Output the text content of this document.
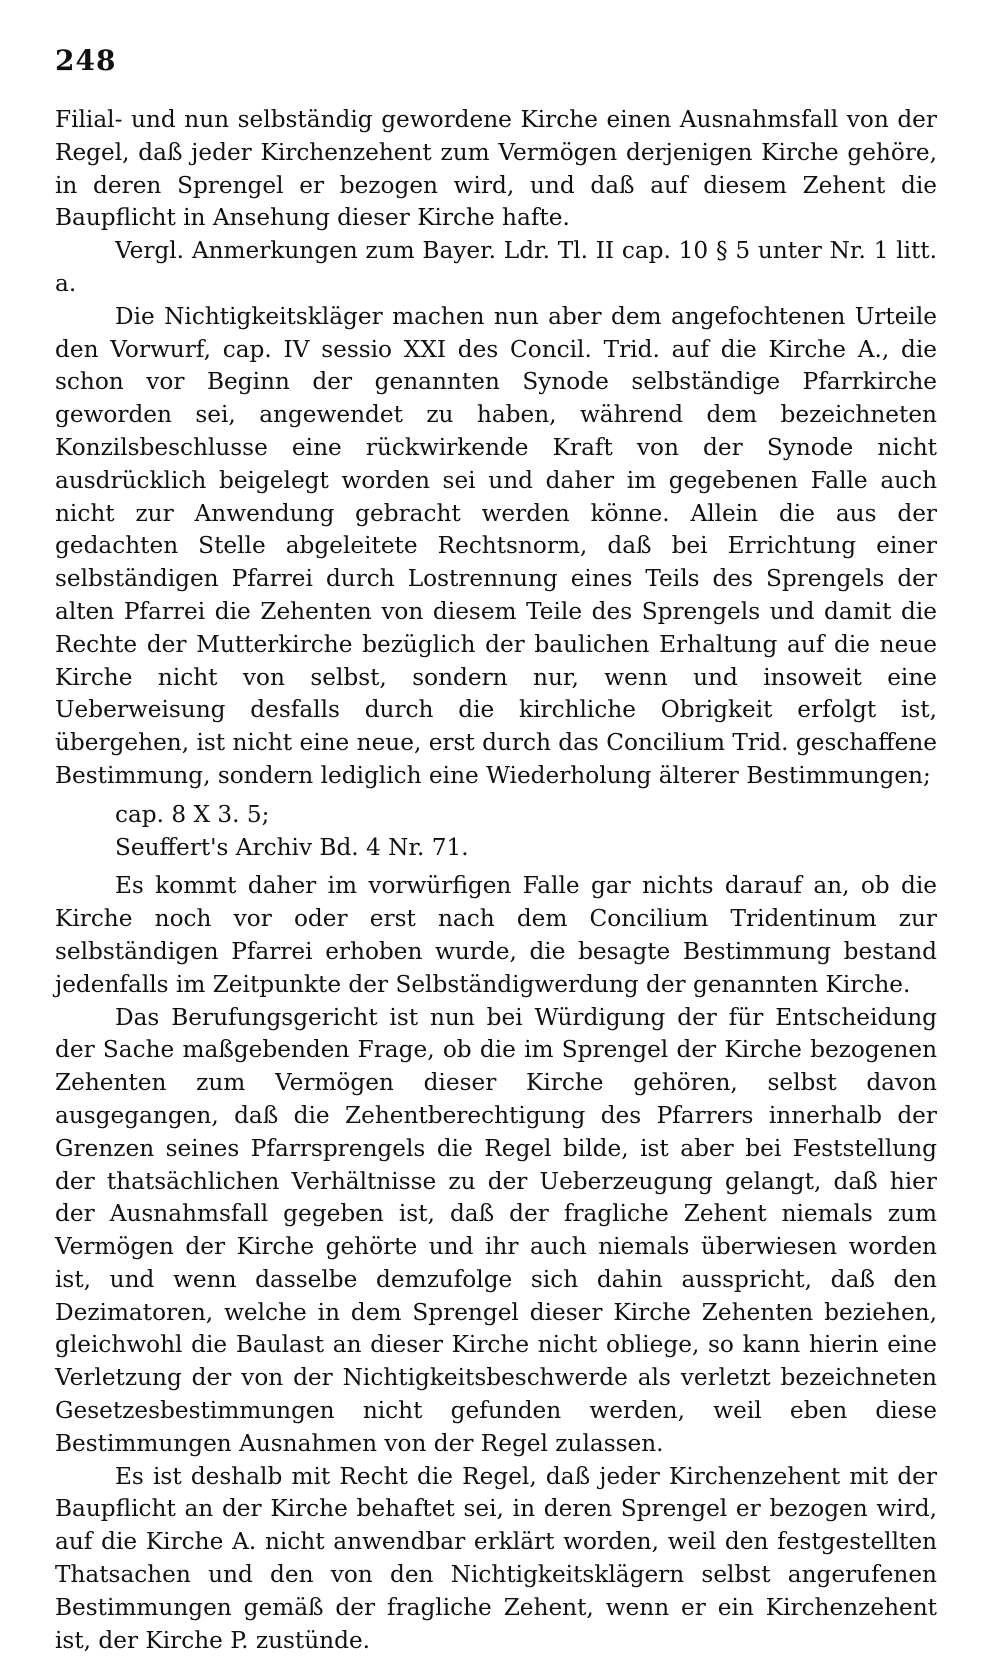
248

Filial- und nun selbständig gewordene Kirche einen Ausnahmsfall von der Regel, daß jeder Kirchenzehent zum Vermögen derjenigen Kirche gehöre, in deren Sprengel er bezogen wird, und daß auf diesem Zehent die Baupflicht in Ansehung dieser Kirche hafte.

Vergl. Anmerkungen zum Bayer. Ldr. Tl. II cap. 10 § 5 unter Nr. 1 litt. a.

Die Nichtigkeitskläger machen nun aber dem angefochtenen Urteile den Vorwurf, cap. IV sessio XXI des Concil. Trid. auf die Kirche A., die schon vor Beginn der genannten Synode selbständige Pfarrkirche geworden sei, angewendet zu haben, während dem bezeichneten Konzilsbeschlusse eine rückwirkende Kraft von der Synode nicht ausdrücklich beigelegt worden sei und daher im gegebenen Falle auch nicht zur Anwendung gebracht werden könne. Allein die aus der gedachten Stelle abgeleitete Rechtsnorm, daß bei Errichtung einer selbständigen Pfarrei durch Lostrennung eines Teils des Sprengels der alten Pfarrei die Zehenten von diesem Teile des Sprengels und damit die Rechte der Mutterkirche bezüglich der baulichen Erhaltung auf die neue Kirche nicht von selbst, sondern nur, wenn und insoweit eine Ueberweisung desfalls durch die kirchliche Obrigkeit erfolgt ist, übergehen, ist nicht eine neue, erst durch das Concilium Trid. geschaffene Bestimmung, sondern lediglich eine Wiederholung älterer Bestimmungen;

cap. 8 X 3. 5;

Seuffert's Archiv Bd. 4 Nr. 71.

Es kommt daher im vorwürfigen Falle gar nichts darauf an, ob die Kirche noch vor oder erst nach dem Concilium Tridentinum zur selbständigen Pfarrei erhoben wurde, die besagte Bestimmung bestand jedenfalls im Zeitpunkte der Selbständigwerdung der genannten Kirche.

Das Berufungsgericht ist nun bei Würdigung der für Entscheidung der Sache maßgebenden Frage, ob die im Sprengel der Kirche bezogenen Zehenten zum Vermögen dieser Kirche gehören, selbst davon ausgegangen, daß die Zehentberechtigung des Pfarrers innerhalb der Grenzen seines Pfarrsprengels die Regel bilde, ist aber bei Feststellung der thatsächlichen Verhältnisse zu der Ueberzeugung gelangt, daß hier der Ausnahmsfall gegeben ist, daß der fragliche Zehent niemals zum Vermögen der Kirche gehörte und ihr auch niemals überwiesen worden ist, und wenn dasselbe demzufolge sich dahin ausspricht, daß den Dezimatoren, welche in dem Sprengel dieser Kirche Zehenten beziehen, gleichwohl die Baulast an dieser Kirche nicht obliege, so kann hierin eine Verletzung der von der Nichtigkeitsbeschwerde als verletzt bezeichneten Gesetzesbestimmungen nicht gefunden werden, weil eben diese Bestimmungen Ausnahmen von der Regel zulassen.

Es ist deshalb mit Recht die Regel, daß jeder Kirchenzehent mit der Baupflicht an der Kirche behaftet sei, in deren Sprengel er bezogen wird, auf die Kirche A. nicht anwendbar erklärt worden, weil den festgestellten Thatsachen und den von den Nichtigkeitsklägern selbst angerufenen Bestimmungen gemäß der fragliche Zehent, wenn er ein Kirchenzehent ist, der Kirche P. zustünde.
